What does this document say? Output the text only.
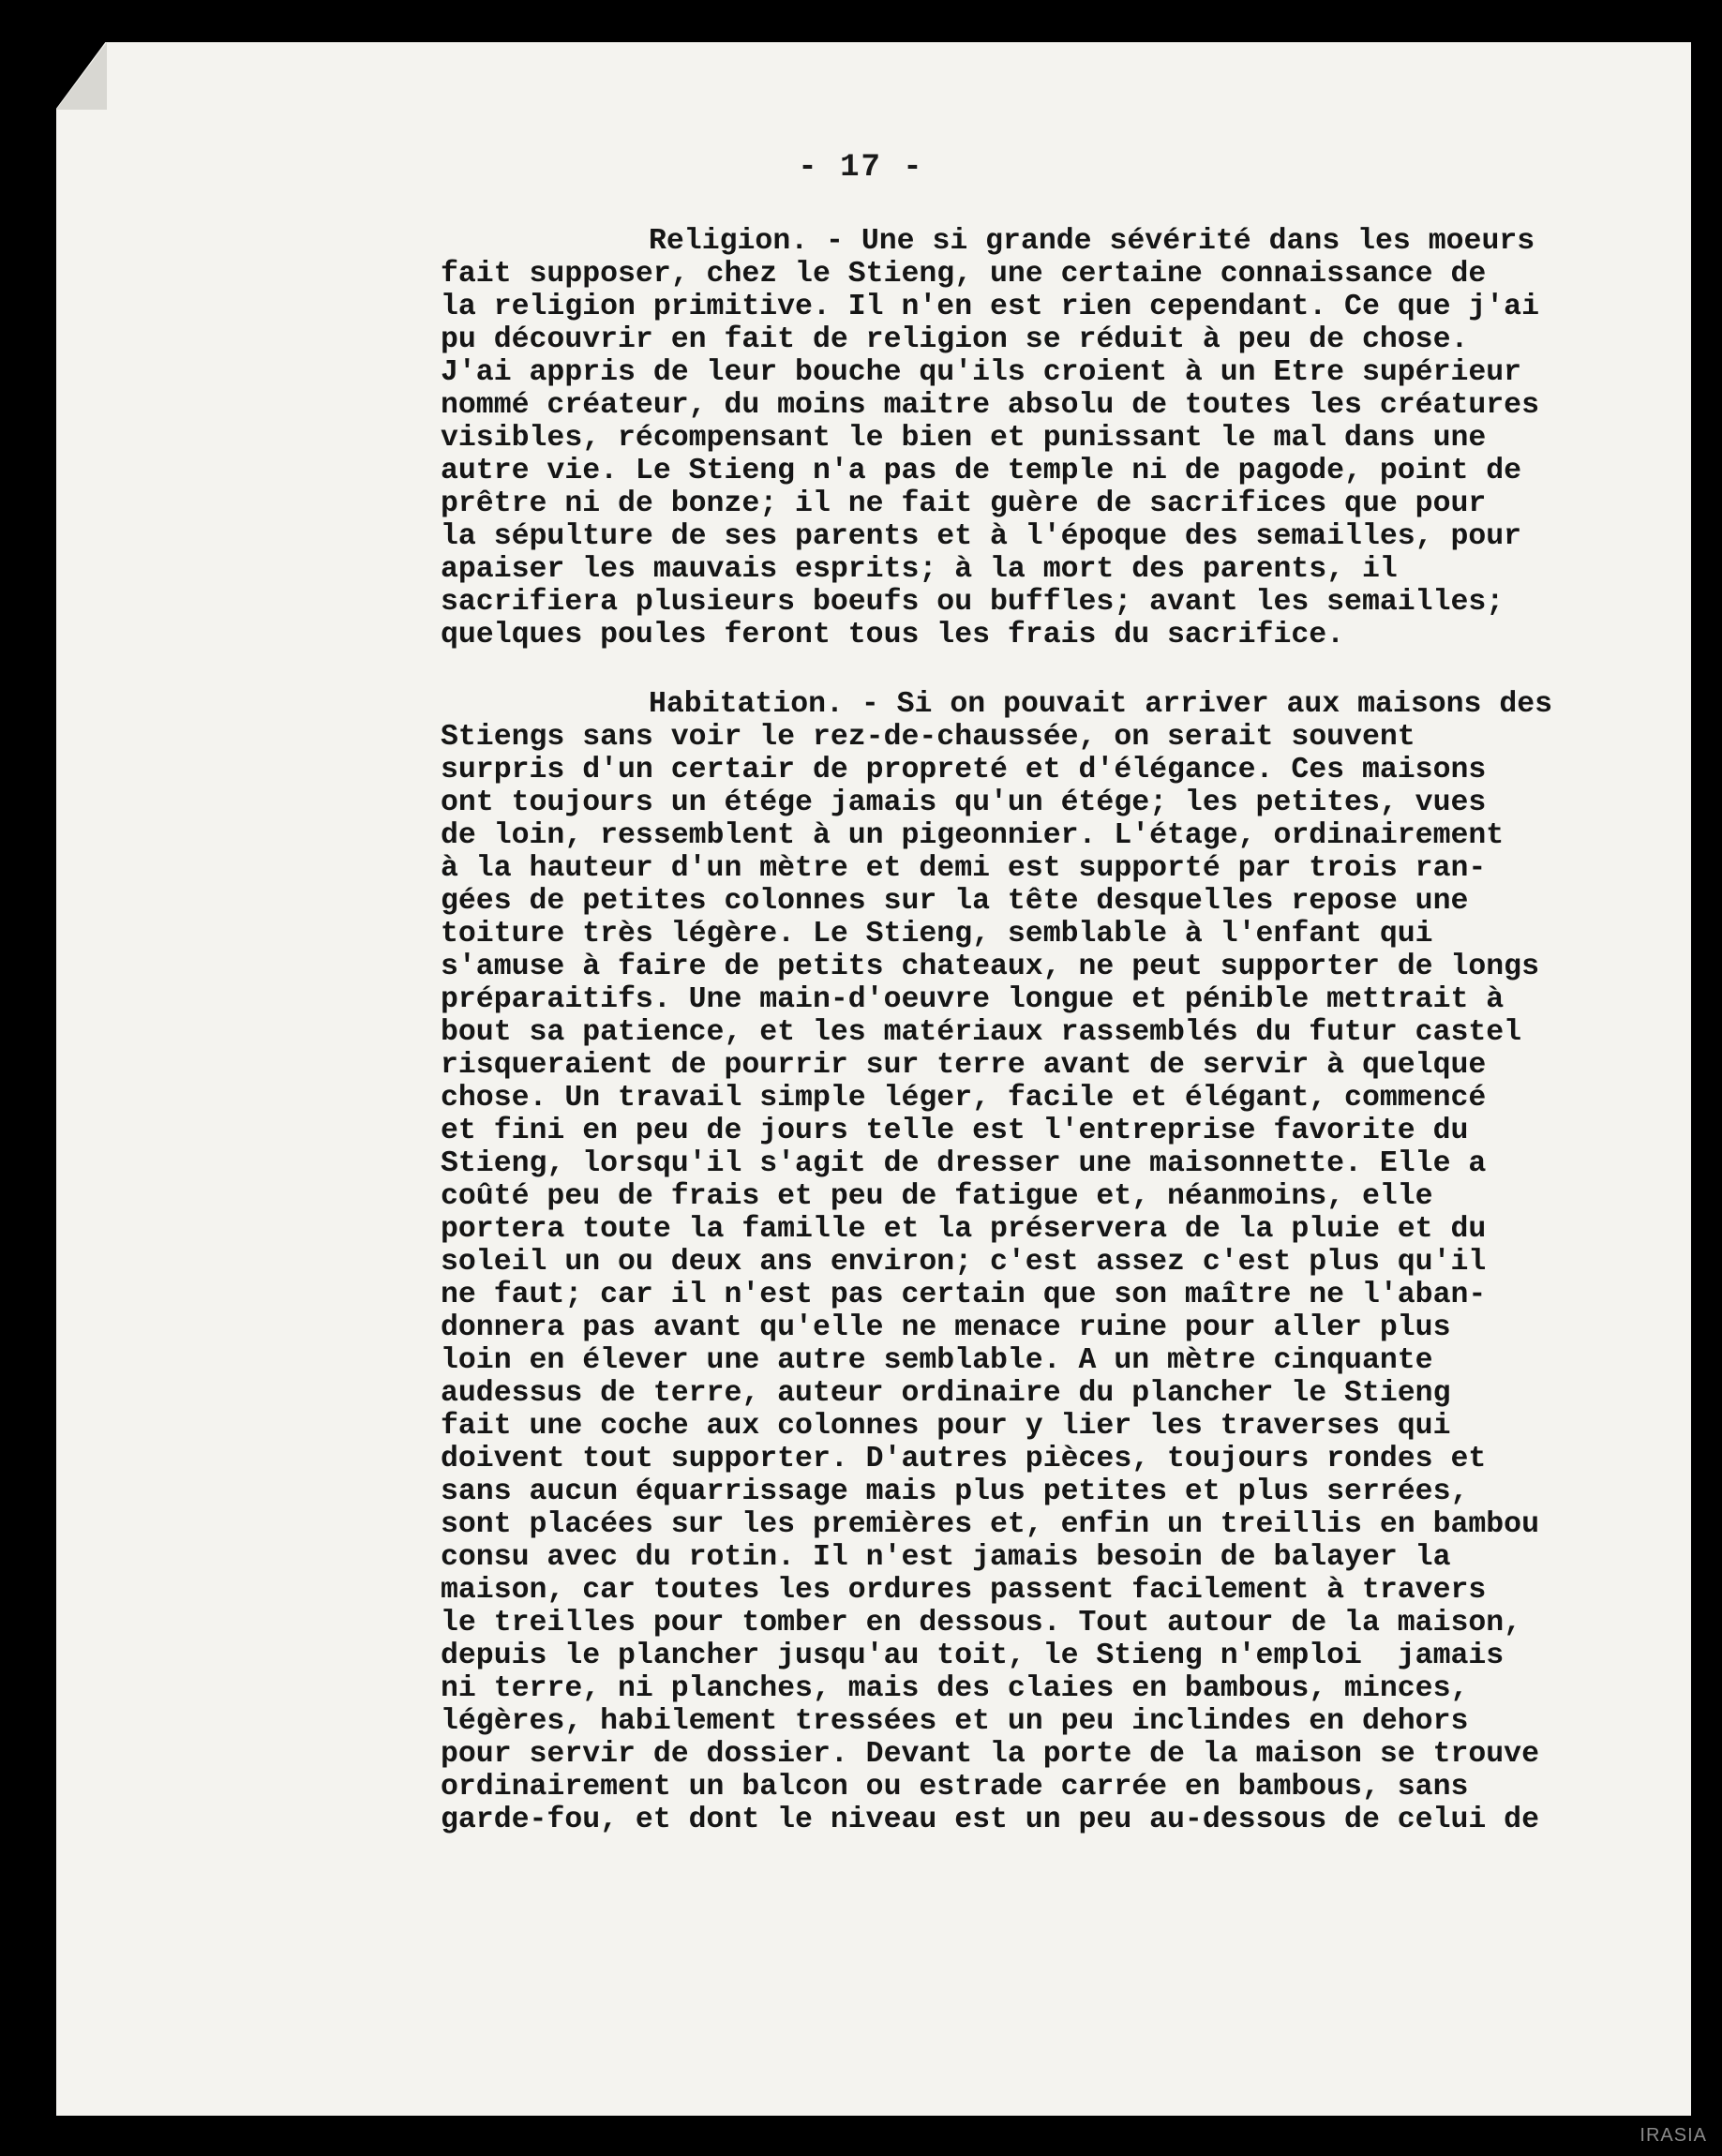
- 17 -
Religion. - Une si grande sévérité dans les moeurs
fait supposer, chez le Stieng, une certaine connaissance de
la religion primitive. Il n'en est rien cependant. Ce que j'ai
pu découvrir en fait de religion se réduit à peu de chose.
J'ai appris de leur bouche qu'ils croient à un Etre supérieur
nommé créateur, du moins maitre absolu de toutes les créatures
visibles, récompensant le bien et punissant le mal dans une
autre vie. Le Stieng n'a pas de temple ni de pagode, point de
prêtre ni de bonze; il ne fait guère de sacrifices que pour
la sépulture de ses parents et à l'époque des semailles, pour
apaiser les mauvais esprits; à la mort des parents, il
sacrifiera plusieurs boeufs ou buffles; avant les semailles;
quelques poules feront tous les frais du sacrifice.
Habitation. - Si on pouvait arriver aux maisons des
Stiengs sans voir le rez-de-chaussée, on serait souvent
surpris d'un certair de propreté et d'élégance. Ces maisons
ont toujours un étége jamais qu'un étége; les petites, vues
de loin, ressemblent à un pigeonnier. L'étage, ordinairement
à la hauteur d'un mètre et demi est supporté par trois ran-
gées de petites colonnes sur la tête desquelles repose une
toiture très légère. Le Stieng, semblable à l'enfant qui
s'amuse à faire de petits chateaux, ne peut supporter de longs
préparaitifs. Une main-d'oeuvre longue et pénible mettrait à
bout sa patience, et les matériaux rassemblés du futur castel
risqueraient de pourrir sur terre avant de servir à quelque
chose. Un travail simple léger, facile et élégant, commencé
et fini en peu de jours telle est l'entreprise favorite du
Stieng, lorsqu'il s'agit de dresser une maisonnette. Elle a
coûté peu de frais et peu de fatigue et, néanmoins, elle
portera toute la famille et la préservera de la pluie et du
soleil un ou deux ans environ; c'est assez c'est plus qu'il
ne faut; car il n'est pas certain que son maître ne l'aban-
donnera pas avant qu'elle ne menace ruine pour aller plus
loin en élever une autre semblable. A un mètre cinquante
audessus de terre, auteur ordinaire du plancher le Stieng
fait une coche aux colonnes pour y lier les traverses qui
doivent tout supporter. D'autres pièces, toujours rondes et
sans aucun équarrissage mais plus petites et plus serrées,
sont placées sur les premières et, enfin un treillis en bambou
consu avec du rotin. Il n'est jamais besoin de balayer la
maison, car toutes les ordures passent facilement à travers
le treilles pour tomber en dessous. Tout autour de la maison,
depuis le plancher jusqu'au toit, le Stieng n'emploi  jamais
ni terre, ni planches, mais des claies en bambous, minces,
légères, habilement tressées et un peu inclindes en dehors
pour servir de dossier. Devant la porte de la maison se trouve
ordinairement un balcon ou estrade carrée en bambous, sans
garde-fou, et dont le niveau est un peu au-dessous de celui de
IRASIA
